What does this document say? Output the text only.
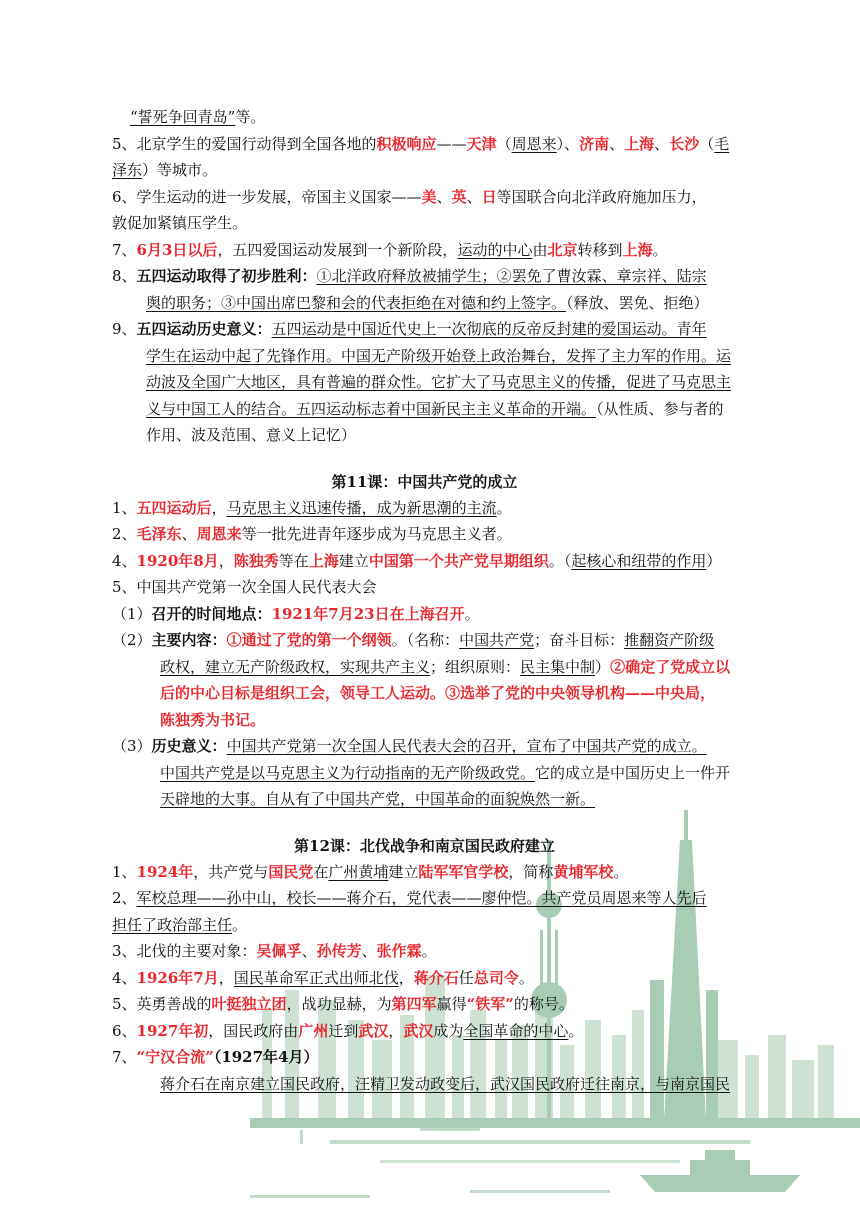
“誓死争回青岛”等。
5、北京学生的爱国行动得到全国各地的积极响应——天津（周恩来）、济南、上海、长沙（毛
泽东）等城市。
6、学生运动的进一步发展，帝国主义国家——美、英、日等国联合向北洋政府施加压力，
敦促加紧镇压学生。
7、6月3日以后，五四爱国运动发展到一个新阶段，运动的中心由北京转移到上海。
8、五四运动取得了初步胜利：①北洋政府释放被捕学生；②罢免了曹汝霖、章宗祥、陆宗
舆的职务；③中国出席巴黎和会的代表拒绝在对德和约上签字。（释放、罢免、拒绝）
9、五四运动历史意义：五四运动是中国近代史上一次彻底的反帝反封建的爱国运动。青年
学生在运动中起了先锋作用。中国无产阶级开始登上政治舞台，发挥了主力军的作用。运
动波及全国广大地区，具有普遍的群众性。它扩大了马克思主义的传播，促进了马克思主
义与中国工人的结合。五四运动标志着中国新民主主义革命的开端。（从性质、参与者的
作用、波及范围、意义上记忆）
第11课：中国共产党的成立
1、五四运动后，马克思主义迅速传播，成为新思潮的主流。
2、毛泽东、周恩来等一批先进青年逐步成为马克思主义者。
4、1920年8月，陈独秀等在上海建立中国第一个共产党早期组织。（起核心和纽带的作用）
5、中国共产党第一次全国人民代表大会
（1）召开的时间地点：1921年7月23日在上海召开。
（2）主要内容：①通过了党的第一个纲领。（名称：中国共产党；奋斗目标：推翻资产阶级
政权，建立无产阶级政权，实现共产主义；组织原则：民主集中制）②确定了党成立以
后的中心目标是组织工会，领导工人运动。③选举了党的中央领导机构——中央局，
陈独秀为书记。
（3）历史意义：中国共产党第一次全国人民代表大会的召开，宣布了中国共产党的成立。
中国共产党是以马克思主义为行动指南的无产阶级政党。它的成立是中国历史上一件开
天辟地的大事。自从有了中国共产党，中国革命的面貌焕然一新。
第12课：北伐战争和南京国民政府建立
1、1924年，共产党与国民党在广州黄埔建立陆军军官学校，简称黄埔军校。
2、军校总理——孙中山，校长——蒋介石，党代表——廖仲恺。共产党员周恩来等人先后
担任了政治部主任。
3、北伐的主要对象：吴佩孚、孙传芳、张作霖。
4、1926年7月，国民革命军正式出师北伐，蒋介石任总司令。
5、英勇善战的叶挺独立团，战功显赫，为第四军赢得“铁军”的称号。
6、1927年初，国民政府由广州迁到武汉，武汉成为全国革命的中心。
7、“宁汉合流”（1927年4月）
蒋介石在南京建立国民政府，汪精卫发动政变后，武汉国民政府迁往南京，与南京国民
